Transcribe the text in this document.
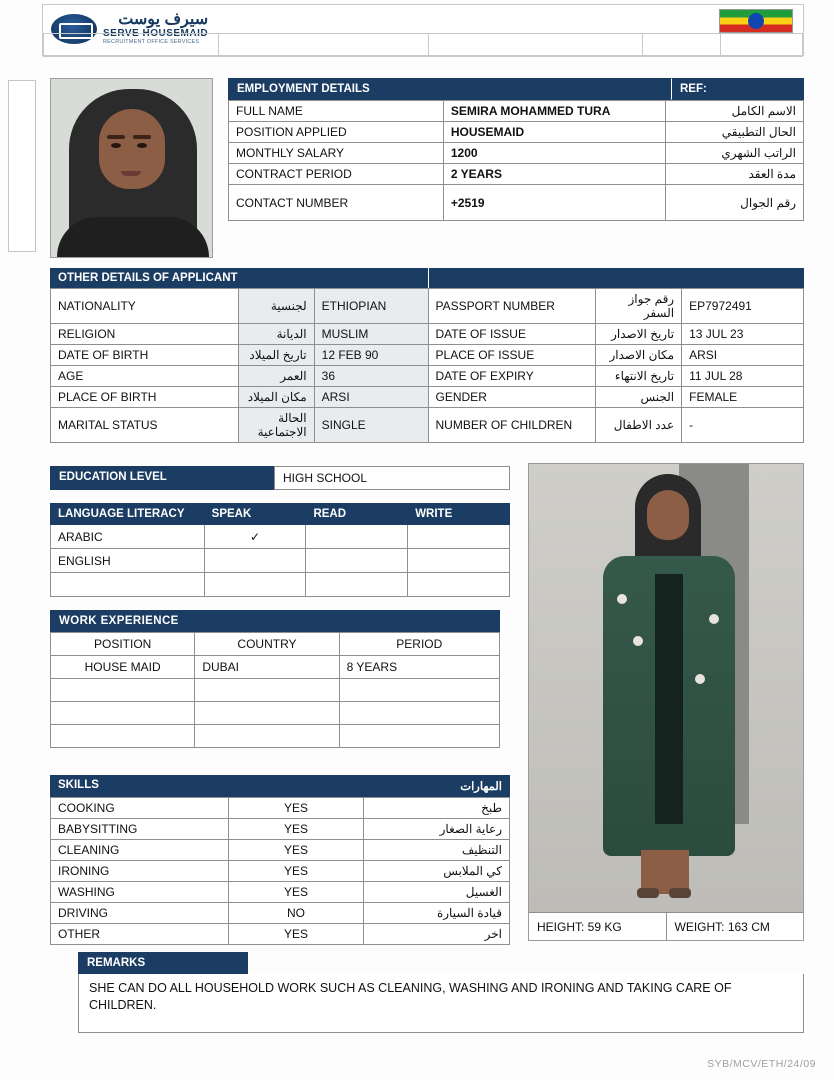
سيرف يوست
SERVE HOUSEMAID
RECRUITMENT OFFICE SERVICES
EMPLOYMENT DETAILS	REF:
FULL NAME	SEMIRA MOHAMMED TURA	الاسم الكامل
POSITION APPLIED	HOUSEMAID	الحال التطبيقي
MONTHLY SALARY	1200	الراتب الشهري
CONTRACT PERIOD	2 YEARS	مدة العقد
CONTACT NUMBER	+2519	رقم الجوال
OTHER DETAILS OF APPLICANT

NATIONALITY	لجنسية	ETHIOPIAN	PASSPORT NUMBER	رقم جواز السفر	EP7972491
RELIGION	الديانة	MUSLIM	DATE OF ISSUE	تاريخ الاصدار	13 JUL 23
DATE OF BIRTH	تاريخ الميلاد	12 FEB 90	PLACE OF ISSUE	مكان الاصدار	ARSI
AGE	العمر	36	DATE OF EXPIRY	تاريخ الانتهاء	11 JUL 28
PLACE OF BIRTH	مكان الميلاد	ARSI	GENDER	الجنس	FEMALE
MARITAL STATUS	الحالة الاجتماعية	SINGLE	NUMBER OF CHILDREN	عدد الاطفال	-
EDUCATION LEVEL	HIGH SCHOOL
LANGUAGE LITERACY	SPEAK	READ	WRITE
ARABIC	✓		
ENGLISH			

WORK EXPERIENCE
POSITION	COUNTRY	PERIOD
HOUSE MAID	DUBAI	8 YEARS

SKILLS	المهارات
COOKING	YES	طبخ
BABYSITTING	YES	رعاية الصغار
CLEANING	YES	التنظيف
IRONING	YES	كي الملابس
WASHING	YES	الغسيل
DRIVING	NO	قيادة السيارة
OTHER	YES	اخر
HEIGHT: 59 KG	WEIGHT: 163 CM
REMARKS
SHE CAN DO ALL HOUSEHOLD WORK SUCH AS CLEANING, WASHING AND IRONING AND TAKING CARE OF CHILDREN.
SYB/MCV/ETH/24/09
